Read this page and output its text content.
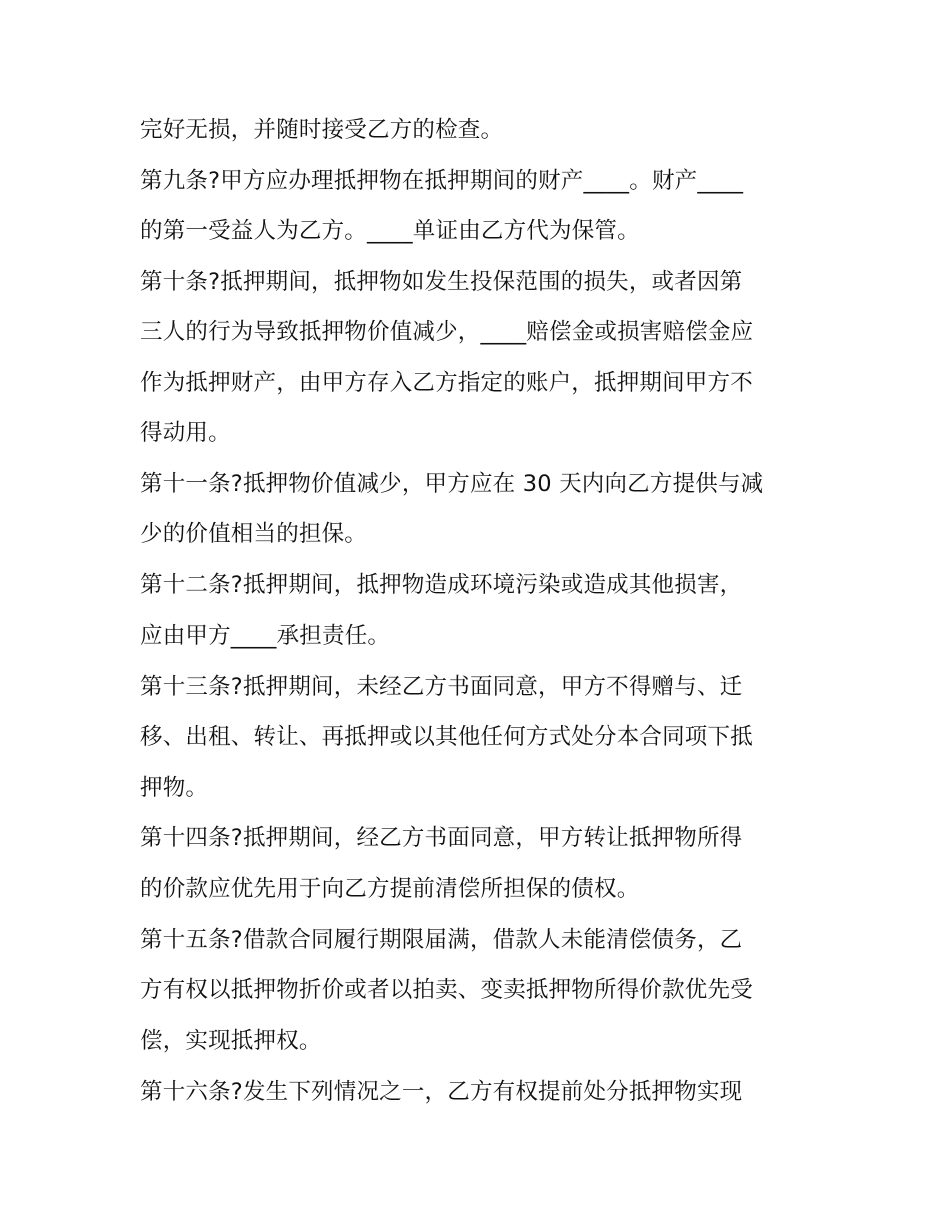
完好无损，并随时接受乙方的检查。
第九条?甲方应办理抵押物在抵押期间的财产____。财产____
的第一受益人为乙方。____单证由乙方代为保管。
第十条?抵押期间，抵押物如发生投保范围的损失，或者因第
三人的行为导致抵押物价值减少，____赔偿金或损害赔偿金应
作为抵押财产，由甲方存入乙方指定的账户，抵押期间甲方不
得动用。
第十一条?抵押物价值减少，甲方应在 30 天内向乙方提供与减
少的价值相当的担保。
第十二条?抵押期间，抵押物造成环境污染或造成其他损害，
应由甲方____承担责任。
第十三条?抵押期间，未经乙方书面同意，甲方不得赠与、迁
移、出租、转让、再抵押或以其他任何方式处分本合同项下抵
押物。
第十四条?抵押期间，经乙方书面同意，甲方转让抵押物所得
的价款应优先用于向乙方提前清偿所担保的债权。
第十五条?借款合同履行期限届满，借款人未能清偿债务，乙
方有权以抵押物折价或者以拍卖、变卖抵押物所得价款优先受
偿，实现抵押权。
第十六条?发生下列情况之一，乙方有权提前处分抵押物实现
